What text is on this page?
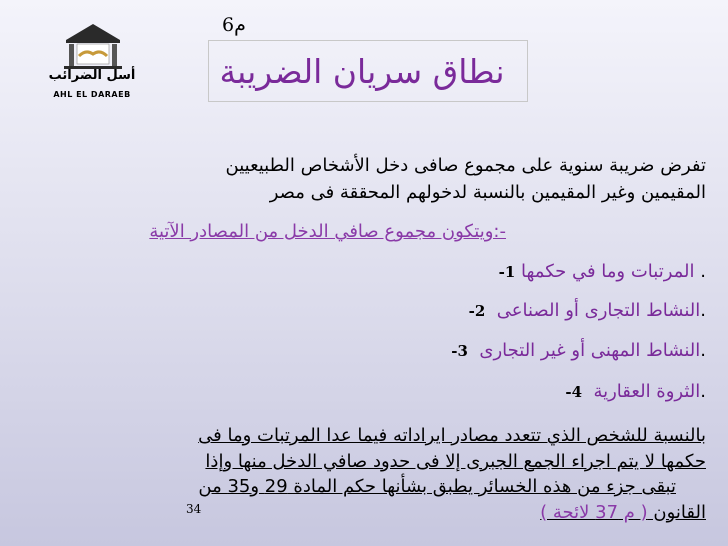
م6
نطاق سريان الضريبة
أسل الضرائب
AHL EL DARAEB
تفرض ضريبة سنوية على مجموع صافى دخل الأشخاص الطبيعيين
المقيمين وغير المقيمين بالنسبة لدخولهم المحققة فى مصر
-:ويتكون مجموع صافي الدخل من المصادر الآتية
. المرتبات وما في حكمها 1-
.النشاط التجارى أو الصناعى  2-
.النشاط المهنى أو غير التجارى  3-
.الثروة العقارية  4-
بالنسبة للشخص الذي تتعدد مصادر ايراداته فيما عدا المرتبات وما فى
حكمها لا يتم اجراء الجمع الجبرى إلا فى حدود صافي الدخل منها وإذا
تبقى جزء من هذه الخسائر يطبق بشأنها حكم المادة 29 و35 من
القانون ( م 37 لائحة )
34
